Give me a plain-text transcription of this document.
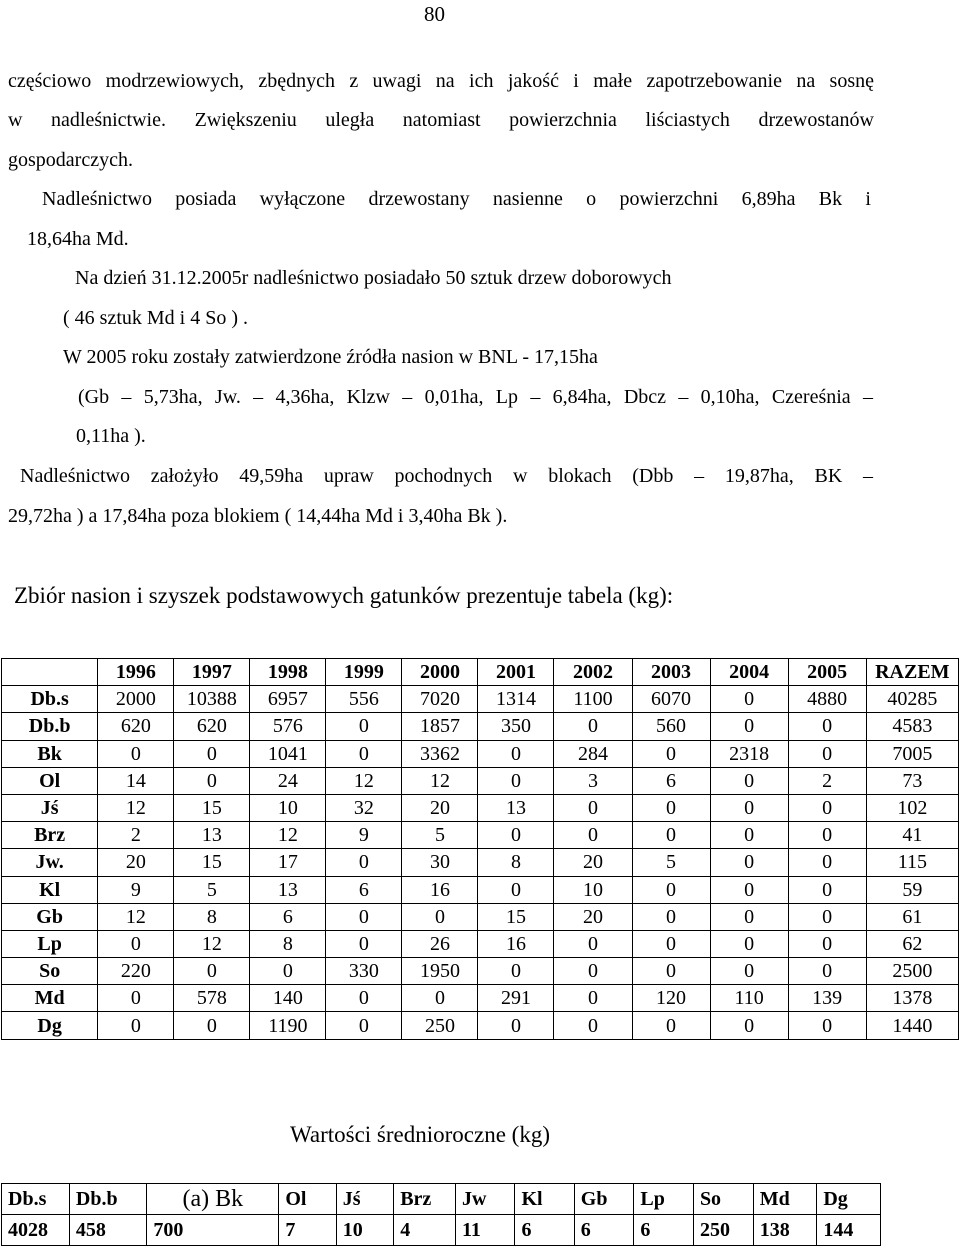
80
częściowo modrzewiowych, zbędnych z uwagi na ich jakość i małe zapotrzebowanie na sosnę
w nadleśnictwie. Zwiększeniu uległa natomiast powierzchnia liściastych drzewostanów
gospodarczych.
Nadleśnictwo posiada wyłączone drzewostany nasienne o powierzchni 6,89ha Bk i
18,64ha Md.
Na dzień 31.12.2005r nadleśnictwo posiadało 50 sztuk drzew doborowych
( 46 sztuk Md i 4 So ) .
W 2005 roku zostały zatwierdzone źródła nasion w BNL - 17,15ha
(Gb – 5,73ha, Jw. – 4,36ha, Klzw – 0,01ha, Lp – 6,84ha, Dbcz – 0,10ha, Czereśnia –
0,11ha ).
Nadleśnictwo założyło 49,59ha upraw pochodnych w blokach (Dbb – 19,87ha, BK –
29,72ha ) a 17,84ha poza blokiem ( 14,44ha Md i 3,40ha Bk ).
Zbiór nasion i szyszek podstawowych gatunków prezentuje tabela (kg):
	1996	1997	1998	1999	2000	2001	2002	2003	2004	2005	RAZEM
Db.s	2000	10388	6957	556	7020	1314	1100	6070	0	4880	40285
Db.b	620	620	576	0	1857	350	0	560	0	0	4583
Bk	0	0	1041	0	3362	0	284	0	2318	0	7005
Ol	14	0	24	12	12	0	3	6	0	2	73
Jś	12	15	10	32	20	13	0	0	0	0	102
Brz	2	13	12	9	5	0	0	0	0	0	41
Jw.	20	15	17	0	30	8	20	5	0	0	115
Kl	9	5	13	6	16	0	10	0	0	0	59
Gb	12	8	6	0	0	15	20	0	0	0	61
Lp	0	12	8	0	26	16	0	0	0	0	62
So	220	0	0	330	1950	0	0	0	0	0	2500
Md	0	578	140	0	0	291	0	120	110	139	1378
Dg	0	0	1190	0	250	0	0	0	0	0	1440
Wartości średnioroczne (kg)
Db.s	Db.b	(a) Bk	Ol	Jś	Brz	Jw	Kl	Gb	Lp	So	Md	Dg
4028	458	700	7	10	4	11	6	6	6	250	138	144
